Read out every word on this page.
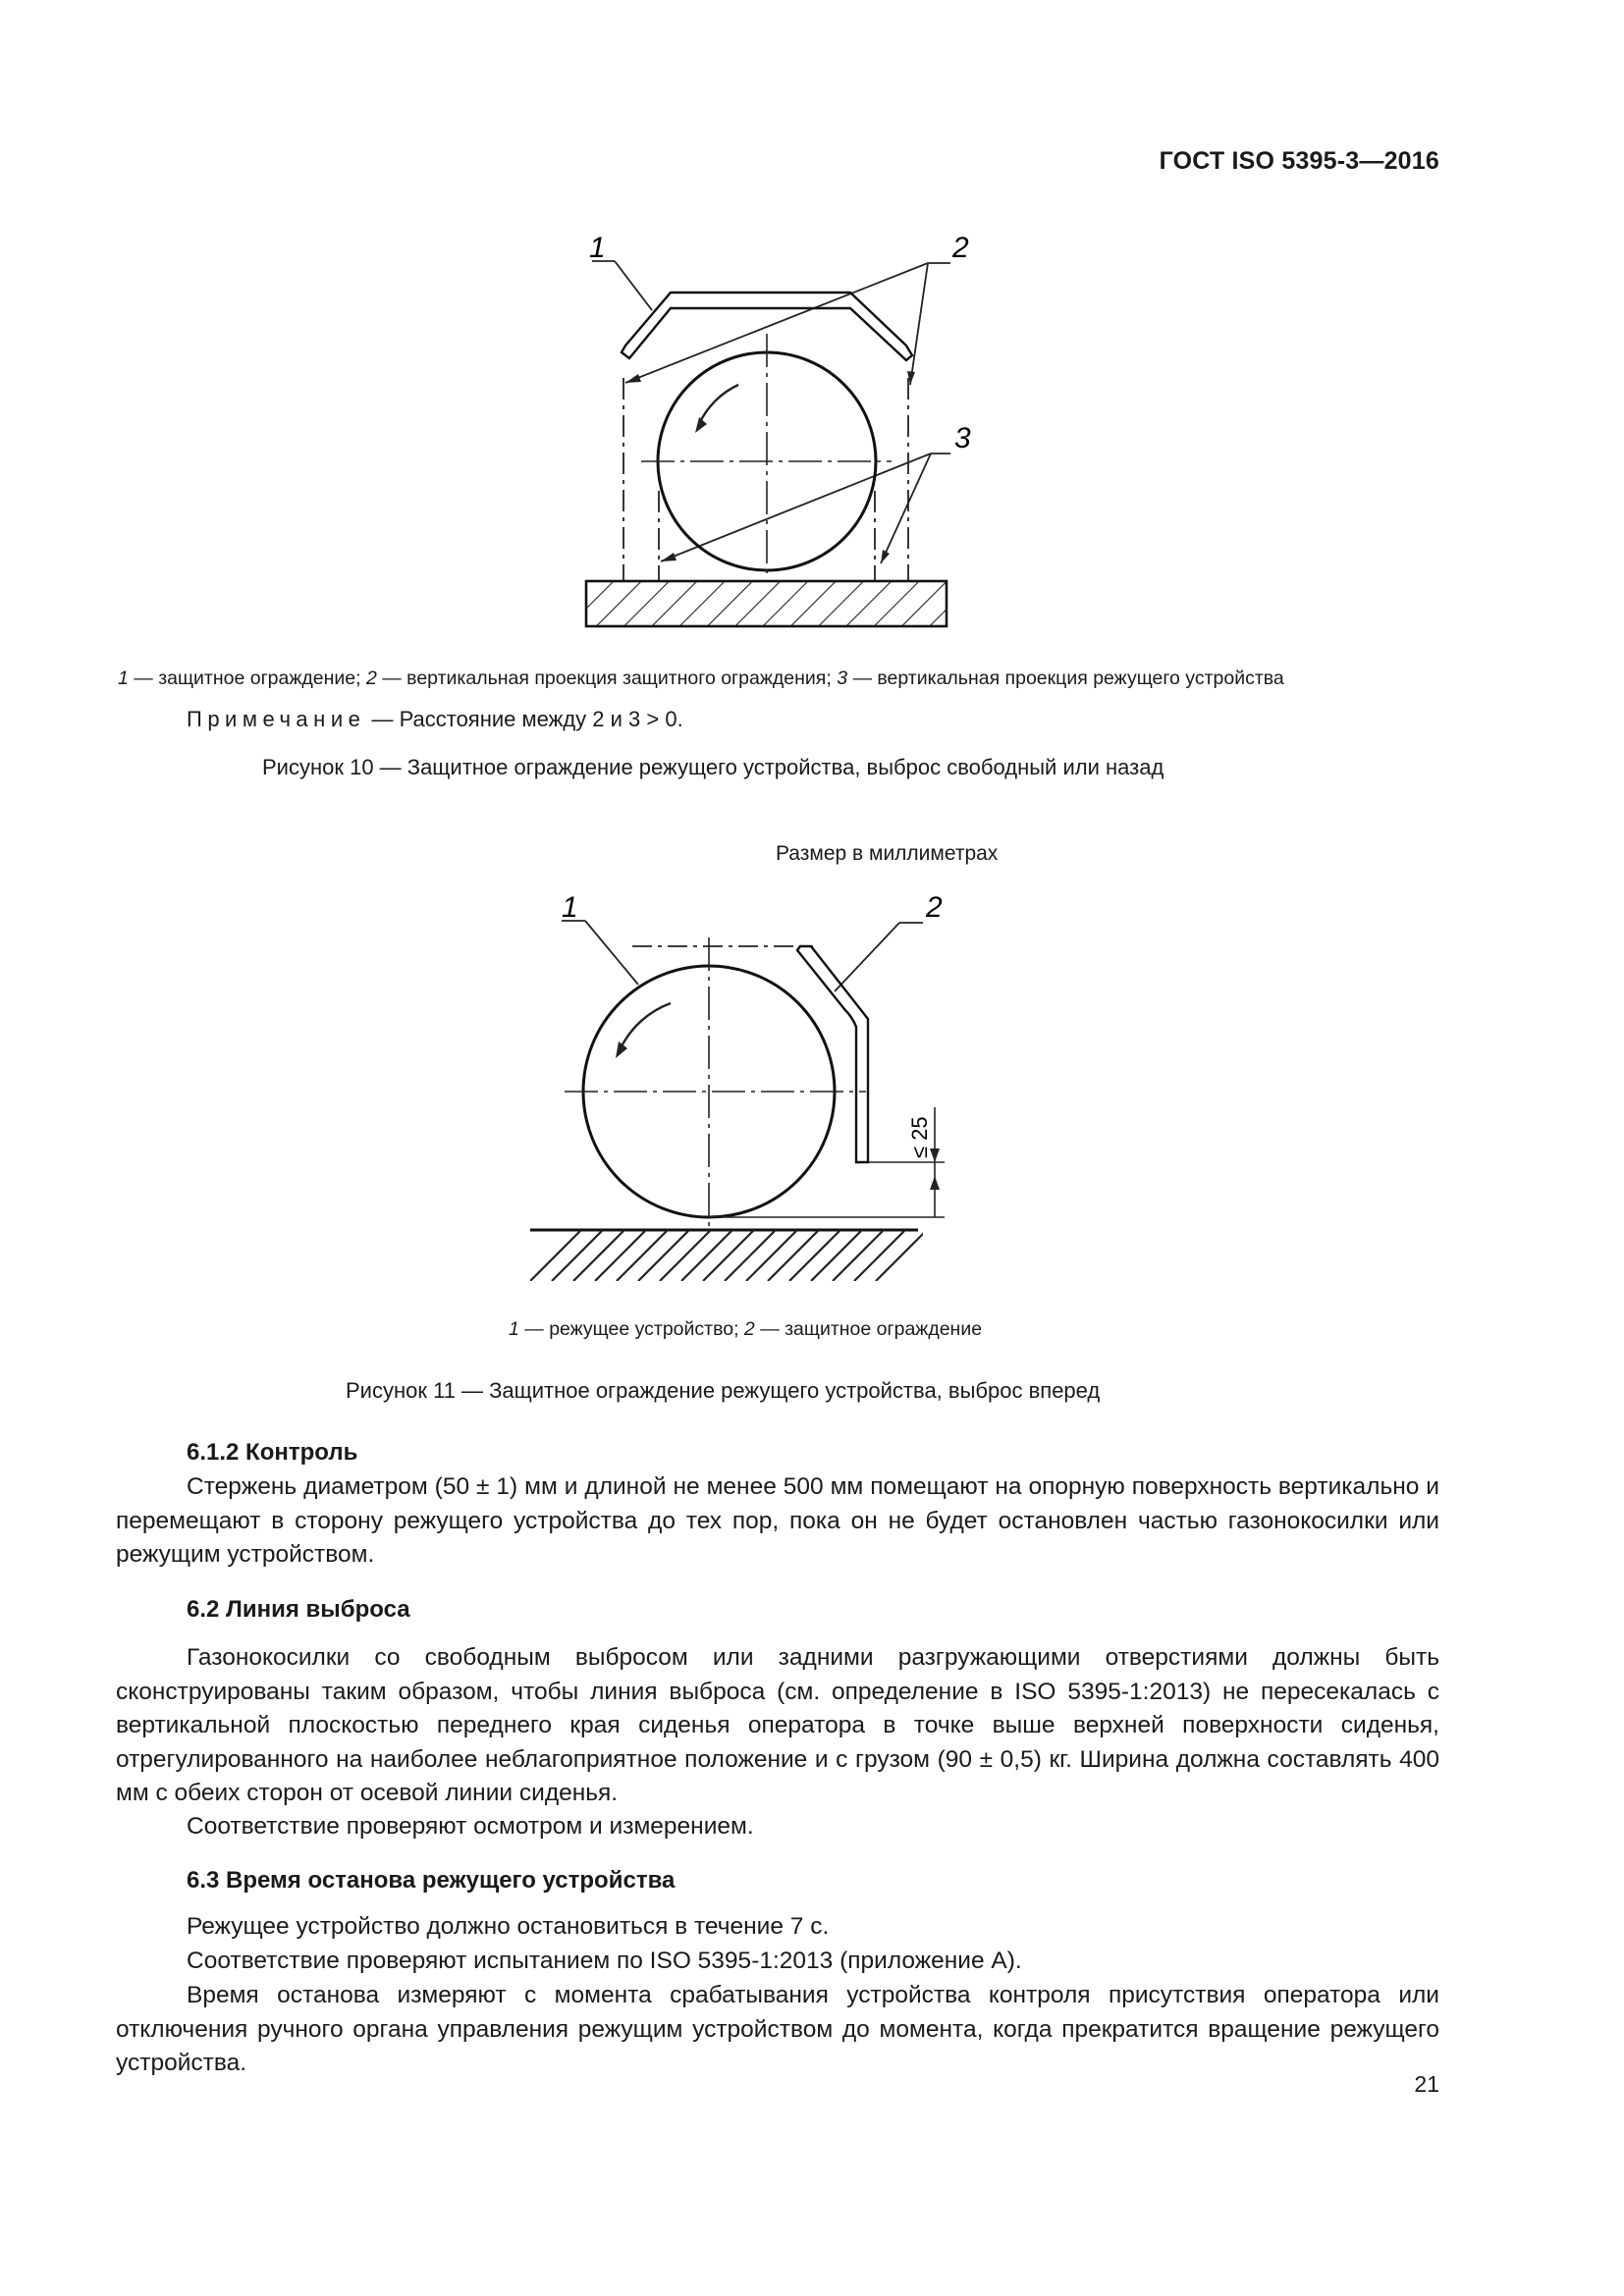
ГОСТ ISO 5395-3—2016
1	2
3
1 — защитное ограждение; 2 — вертикальная проекция защитного ограждения; 3 — вертикальная проекция режущего устройства
Примечание — Расстояние между 2 и 3 > 0.
Рисунок 10 — Защитное ограждение режущего устройства, выброс свободный или назад
Размер в миллиметрах
1	2
≤ 25
1 — режущее устройство; 2 — защитное ограждение
Рисунок 11 — Защитное ограждение режущего устройства, выброс вперед
6.1.2 Контроль
Стержень диаметром (50 ± 1) мм и длиной не менее 500 мм помещают на опорную поверхность вертикально и перемещают в сторону режущего устройства до тех пор, пока он не будет остановлен частью газонокосилки или режущим устройством.
6.2 Линия выброса
Газонокосилки со свободным выбросом или задними разгружающими отверстиями должны быть сконструированы таким образом, чтобы линия выброса (см. определение в ISO 5395-1:2013) не пересекалась с вертикальной плоскостью переднего края сиденья оператора в точке выше верхней поверхности сиденья, отрегулированного на наиболее неблагоприятное положение и с грузом (90 ± 0,5) кг. Ширина должна составлять 400 мм с обеих сторон от осевой линии сиденья.
Соответствие проверяют осмотром и измерением.
6.3 Время останова режущего устройства
Режущее устройство должно остановиться в течение 7 с.
Соответствие проверяют испытанием по ISO 5395-1:2013 (приложение А).
Время останова измеряют с момента срабатывания устройства контроля присутствия оператора или отключения ручного органа управления режущим устройством до момента, когда прекратится вращение режущего устройства.
21
